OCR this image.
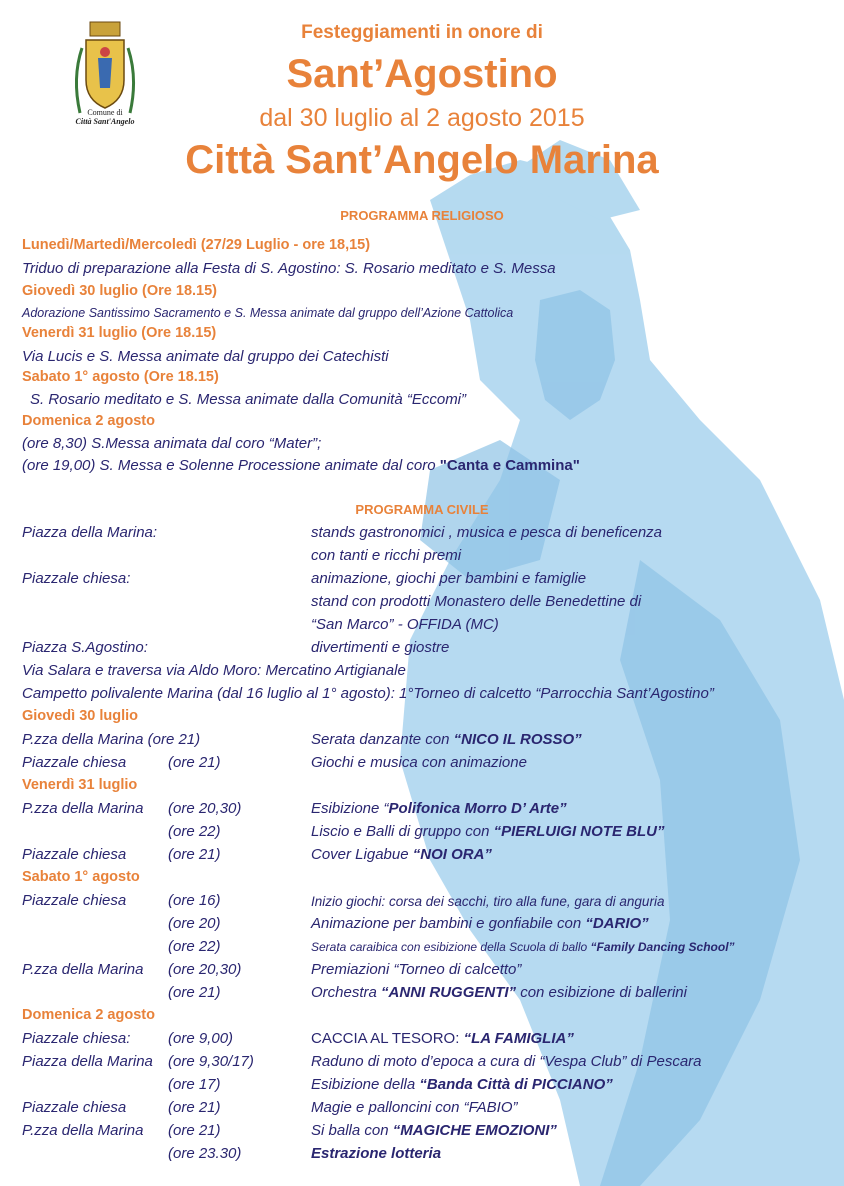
Comune di
Città Sant'Angelo
Festeggiamenti in onore di
Sant’Agostino
dal 30 luglio al 2 agosto 2015
Città Sant’Angelo Marina
PROGRAMMA RELIGIOSO
Lunedì/Martedì/Mercoledì (27/29 Luglio - ore 18,15)
Triduo di preparazione alla Festa di S. Agostino: S. Rosario meditato e S. Messa
Giovedì 30 luglio (Ore 18.15)
Adorazione Santissimo Sacramento e S. Messa animate dal gruppo dell’Azione Cattolica
Venerdì 31 luglio (Ore 18.15)
Via Lucis e S. Messa animate dal gruppo dei Catechisti
Sabato 1° agosto (Ore 18.15)
S. Rosario meditato e S. Messa animate dalla Comunità “Eccomi”
Domenica 2 agosto
(ore 8,30) S.Messa animata dal coro “Mater”;
(ore 19,00) S. Messa e Solenne Processione animate dal coro "Canta e Cammina"
PROGRAMMA CIVILE
Piazza della Marina:	stands gastronomici , musica e pesca di beneficenza
con tanti e ricchi premi
Piazzale chiesa:	animazione, giochi per bambini e famiglie
stand con prodotti Monastero delle Benedettine di
“San Marco” - OFFIDA (MC)
Piazza S.Agostino:	divertimenti e giostre
Via Salara e traversa via Aldo Moro: Mercatino Artigianale
Campetto polivalente Marina (dal 16 luglio al 1° agosto): 1°Torneo di calcetto “Parrocchia Sant’Agostino”
Giovedì 30 luglio
P.zza della Marina (ore 21)	Serata danzante con “NICO IL ROSSO”
Piazzale chiesa	(ore 21)	Giochi e musica con animazione
Venerdì 31 luglio
P.zza della Marina (ore 20,30)	Esibizione “Polifonica Morro D’ Arte”
(ore 22)	Liscio e Balli di gruppo con “PIERLUIGI NOTE BLU”
Piazzale chiesa	(ore 21)	Cover Ligabue “NOI ORA”
Sabato 1° agosto
Piazzale chiesa	(ore 16)	Inizio giochi: corsa dei sacchi, tiro alla fune, gara di anguria
(ore 20)	Animazione per bambini e gonfiabile con “DARIO”
(ore 22)	Serata caraibica con esibizione della Scuola di ballo “Family Dancing School”
P.zza della Marina (ore 20,30)	Premiazioni “Torneo di calcetto”
(ore 21)	Orchestra “ANNI RUGGENTI” con esibizione di ballerini
Domenica 2 agosto
Piazzale chiesa:	(ore 9,00)	CACCIA AL TESORO: “LA FAMIGLIA”
Piazza della Marina (ore 9,30/17)	Raduno di moto d’epoca a cura di “Vespa Club” di Pescara
(ore 17)	Esibizione della “Banda Città di PICCIANO”
Piazzale chiesa	(ore 21)	Magie e palloncini con “FABIO”
P.zza della Marina (ore 21)	Si balla con “MAGICHE EMOZIONI”
(ore 23.30)	Estrazione lotteria
